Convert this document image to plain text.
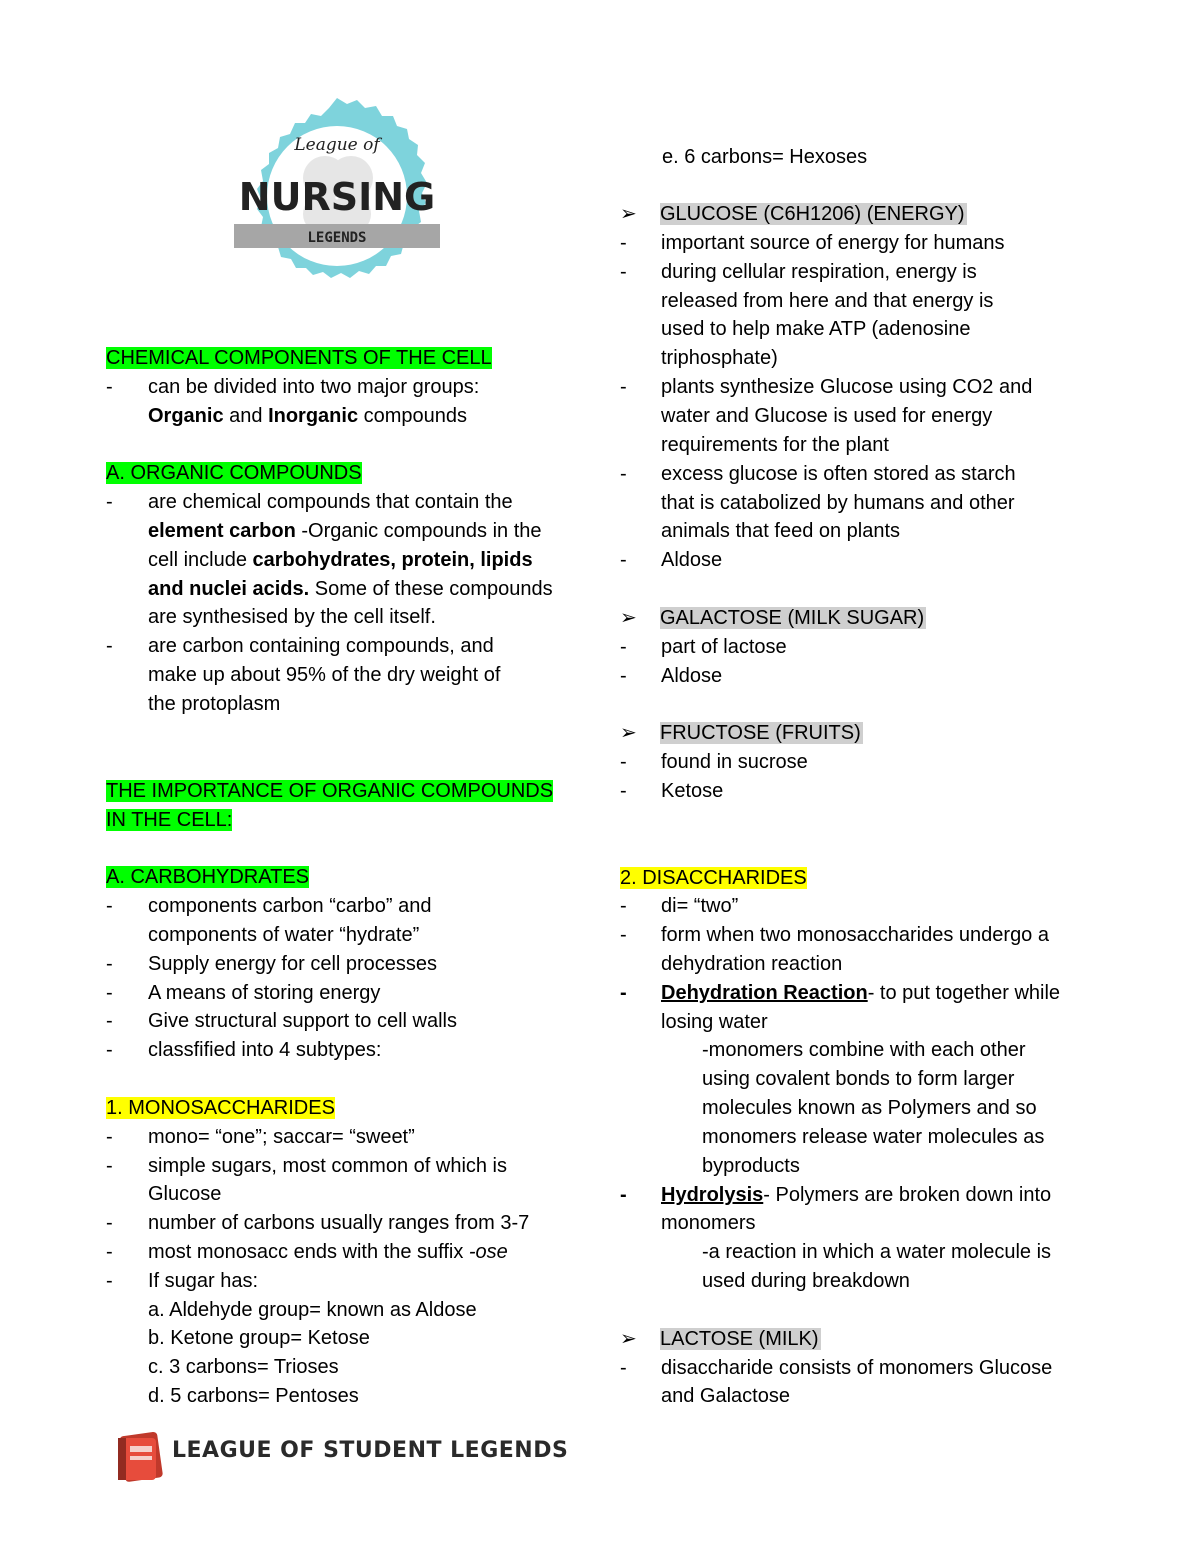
League of
NURSING
LEGENDS
CHEMICAL COMPONENTS OF THE CELL
-	can be divided into two major groups:
Organic and Inorganic compounds
A. ORGANIC COMPOUNDS
-	are chemical compounds that contain the
element carbon -Organic compounds in the
cell include carbohydrates, protein, lipids
and nuclei acids. Some of these compounds
are synthesised by the cell itself.
-	are carbon containing compounds, and
make up about 95% of the dry weight of
the protoplasm
THE IMPORTANCE OF ORGANIC COMPOUNDS
IN THE CELL:
A. CARBOHYDRATES
-	components carbon “carbo” and
components of water “hydrate”
-	Supply energy for cell processes
-	A means of storing energy
-	Give structural support to cell walls
-	classfified into 4 subtypes:
1. MONOSACCHARIDES
-	mono= “one”; saccar= “sweet”
-	simple sugars, most common of which is
Glucose
-	number of carbons usually ranges from 3-7
-	most monosacc ends with the suffix -ose
-	If sugar has:
a. Aldehyde group= known as Aldose
b. Ketone group= Ketose
c. 3 carbons= Trioses
d. 5 carbons= Pentoses
e. 6 carbons= Hexoses
➢	GLUCOSE (C6H1206) (ENERGY)
-	important source of energy for humans
-	during cellular respiration, energy is
released from here and that energy is
used to help make ATP (adenosine
triphosphate)
-	plants synthesize Glucose using CO2 and
water and Glucose is used for energy
requirements for the plant
-	excess glucose is often stored as starch
that is catabolized by humans and other
animals that feed on plants
-	Aldose
➢	GALACTOSE (MILK SUGAR)
-	part of lactose
-	Aldose
➢	FRUCTOSE (FRUITS)
-	found in sucrose
-	Ketose
2. DISACCHARIDES
-	di= “two”
-	form when two monosaccharides undergo a
dehydration reaction
-	Dehydration Reaction- to put together while
losing water
-monomers combine with each other
using covalent bonds to form larger
molecules known as Polymers and so
monomers release water molecules as
byproducts
-	Hydrolysis- Polymers are broken down into
monomers
-a reaction in which a water molecule is
used during breakdown
➢	LACTOSE (MILK)
-	disaccharide consists of monomers Glucose
and Galactose
LEAGUE OF STUDENT LEGENDS
